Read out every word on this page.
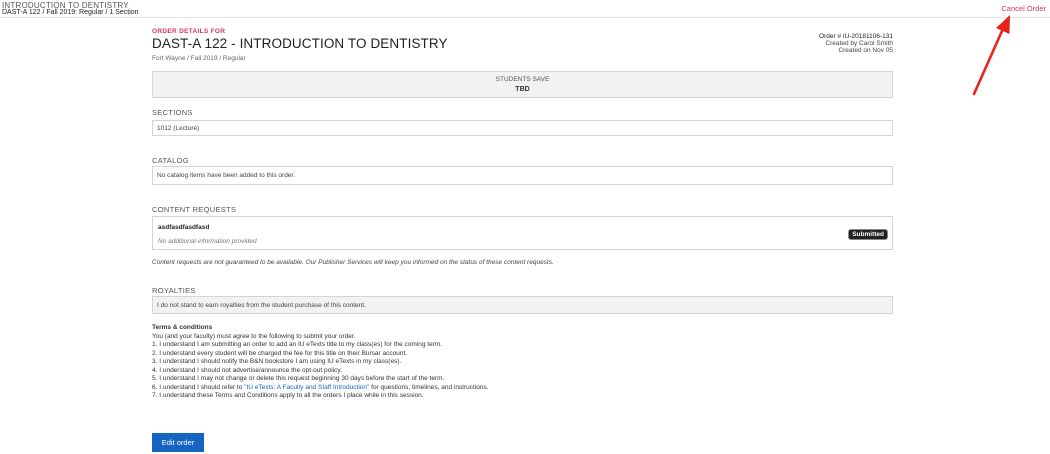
INTRODUCTION TO DENTISTRY
DAST-A 122 / Fall 2019: Regular / 1 Section	Cancel Order
ORDER DETAILS FOR
DAST-A 122 - INTRODUCTION TO DENTISTRY
Fort Wayne / Fall 2019 / Regular
Order # IU-20181106-131
Created by Carol Smith
Created on Nov 05
STUDENTS SAVE
TBD
SECTIONS
1012 (Lecture)
CATALOG
No catalog items have been added to this order.
CONTENT REQUESTS
asdfasdfasdfasd
No additional information provided
Submitted
Content requests are not guaranteed to be available. Our Publisher Services will keep you informed on the status of these content requests.
ROYALTIES
I do not stand to earn royalties from the student purchase of this content.
Terms & conditions
You (and your faculty) must agree to the following to submit your order.
1. I understand I am submitting an order to add an IU eTexts title to my class(es) for the coming term.
2. I understand every student will be charged the fee for this title on their Bursar account.
3. I understand I should notify the B&N bookstore I am using IU eTexts in my class(es).
4. I understand I should not advertise/announce the opt-out policy.
5. I understand I may not change or delete this request beginning 30 days before the start of the term.
6. I understand I should refer to "IU eTexts: A Faculty and Staff Introduction" for questions, timelines, and instructions.
7. I understand these Terms and Conditions apply to all the orders I place while in this session.
Edit order
